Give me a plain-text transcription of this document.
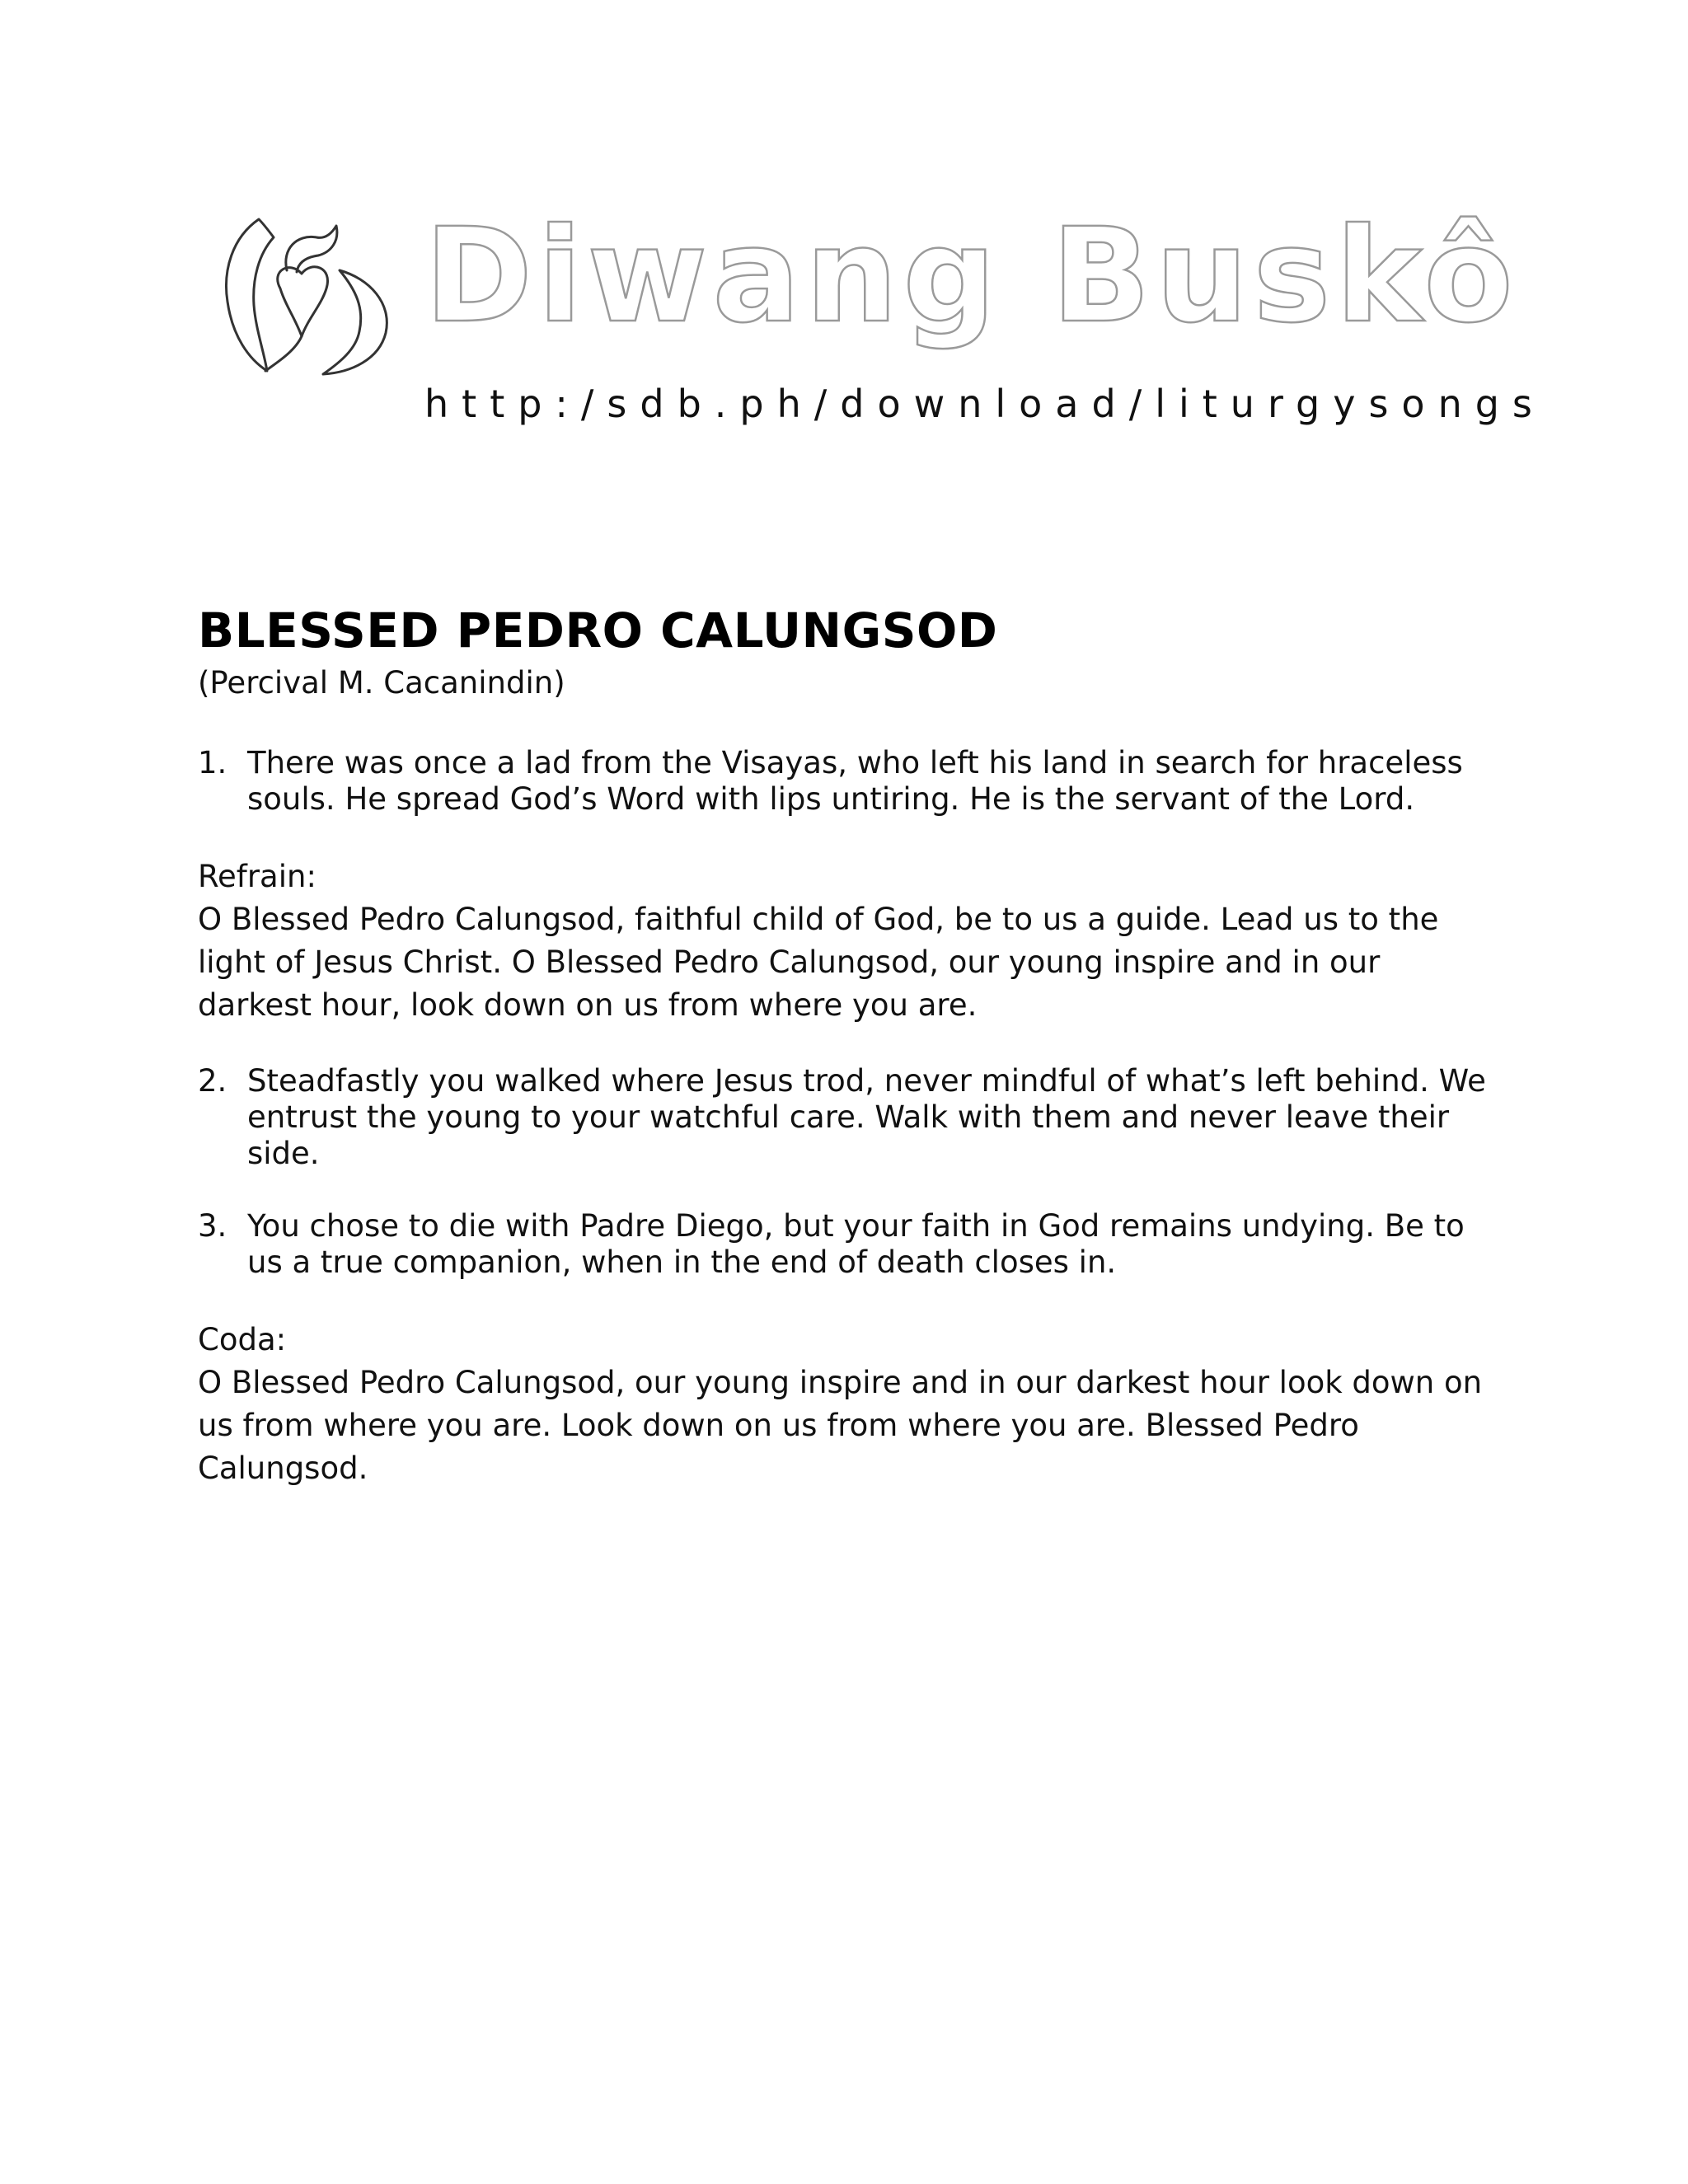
Diwang Buskô
http:/sdb.ph/download/liturgysongs
BLESSED PEDRO CALUNGSOD

(Percival M. Cacanindin)

1. There was once a lad from the Visayas, who left his land in search for hraceless souls. He spread God’s Word with lips untiring. He is the servant of the Lord.

Refrain:

O Blessed Pedro Calungsod, faithful child of God, be to us a guide. Lead us to the light of Jesus Christ. O Blessed Pedro Calungsod, our young inspire and in our darkest hour, look down on us from where you are.

2. Steadfastly you walked where Jesus trod, never mindful of what’s left behind. We entrust the young to your watchful care. Walk with them and never leave their side.
3. You chose to die with Padre Diego, but your faith in God remains undying. Be to us a true companion, when in the end of death closes in.

Coda:

O Blessed Pedro Calungsod, our young inspire and in our darkest hour look down on us from where you are. Look down on us from where you are. Blessed Pedro Calungsod.
